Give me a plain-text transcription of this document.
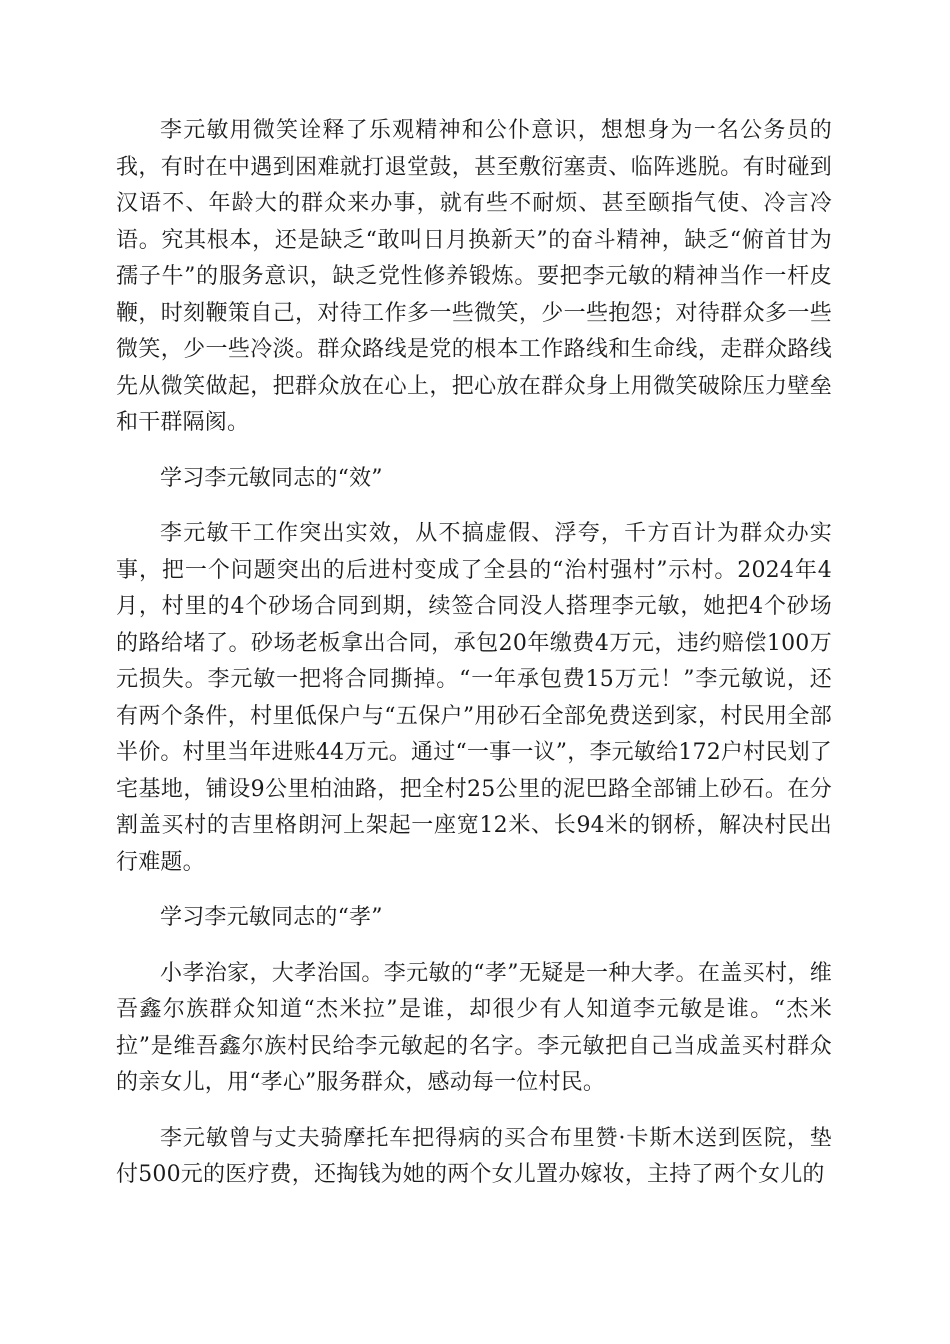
李元敏用微笑诠释了乐观精神和公仆意识，想想身为一名公务员的我，有时在中遇到困难就打退堂鼓，甚至敷衍塞责、临阵逃脱。有时碰到汉语不、年龄大的群众来办事，就有些不耐烦、甚至颐指气使、冷言冷语。究其根本，还是缺乏“敢叫日月换新天”的奋斗精神，缺乏“俯首甘为孺子牛”的服务意识，缺乏党性修养锻炼。要把李元敏的精神当作一杆皮鞭，时刻鞭策自己，对待工作多一些微笑，少一些抱怨；对待群众多一些微笑，少一些冷淡。群众路线是党的根本工作路线和生命线，走群众路线先从微笑做起，把群众放在心上，把心放在群众身上用微笑破除压力壁垒和干群隔阂。

学习李元敏同志的“效”

李元敏干工作突出实效，从不搞虚假、浮夸，千方百计为群众办实事，把一个问题突出的后进村变成了全县的“治村强村”示村。2024年4月，村里的4个砂场合同到期，续签合同没人搭理李元敏，她把4个砂场的路给堵了。砂场老板拿出合同，承包20年缴费4万元，违约赔偿100万元损失。李元敏一把将合同撕掉。“一年承包费15万元！”李元敏说，还有两个条件，村里低保户与“五保户”用砂石全部免费送到家，村民用全部半价。村里当年进账44万元。通过“一事一议”，李元敏给172户村民划了宅基地，铺设9公里柏油路，把全村25公里的泥巴路全部铺上砂石。在分割盖买村的吉里格朗河上架起一座宽12米、长94米的钢桥，解决村民出行难题。

学习李元敏同志的“孝”

小孝治家，大孝治国。李元敏的“孝”无疑是一种大孝。在盖买村，维吾鑫尔族群众知道“杰米拉”是谁，却很少有人知道李元敏是谁。“杰米拉”是维吾鑫尔族村民给李元敏起的名字。李元敏把自己当成盖买村群众的亲女儿，用“孝心”服务群众，感动每一位村民。

李元敏曾与丈夫骑摩托车把得病的买合布里赞·卡斯木送到医院，垫付500元的医疗费，还掏钱为她的两个女儿置办嫁妆，主持了两个女儿的
